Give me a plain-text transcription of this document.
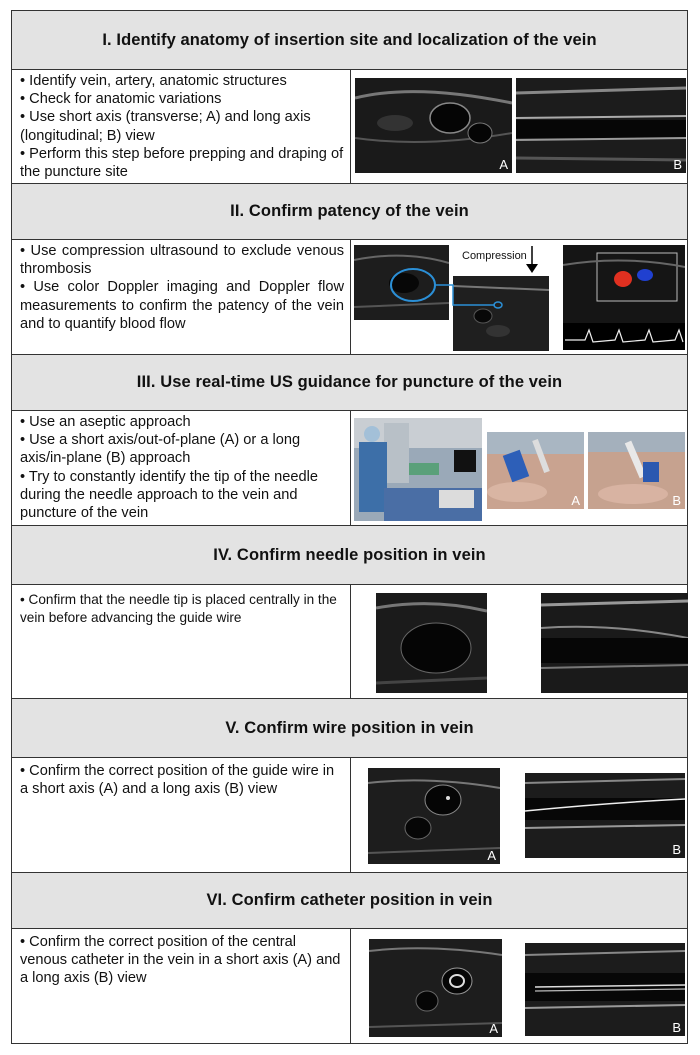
I. Identify anatomy of insertion site and localization of the vein

• Identify vein, artery, anatomic structures

• Check for anatomic variations

• Use short axis (transverse; A) and long axis (longitudinal; B) view

• Perform this step before prepping and draping of the puncture site	A	B
II. Confirm patency of the vein

• Use compression ultrasound to exclude venous thrombosis

• Use color Doppler imaging and Doppler flow measurements to confirm the patency of the vein and to quantify blood flow

Compression
III. Use real-time US guidance for puncture of the vein

• Use an aseptic approach

• Use a short axis/out-of-plane (A) or a long axis/in-plane (B) approach

• Try to constantly identify the tip of the needle during the needle approach to the vein and puncture of the vein

A	B
IV. Confirm needle position in vein

• Confirm that the needle tip is placed centrally in the vein before advancing the guide wire

V. Confirm wire position in vein

• Confirm the correct position of the guide wire in a short axis (A) and a long axis (B) view

A	B
VI. Confirm catheter position in vein

• Confirm the correct position of the central venous catheter in the vein in a short axis (A) and a long axis (B) view

A	B
